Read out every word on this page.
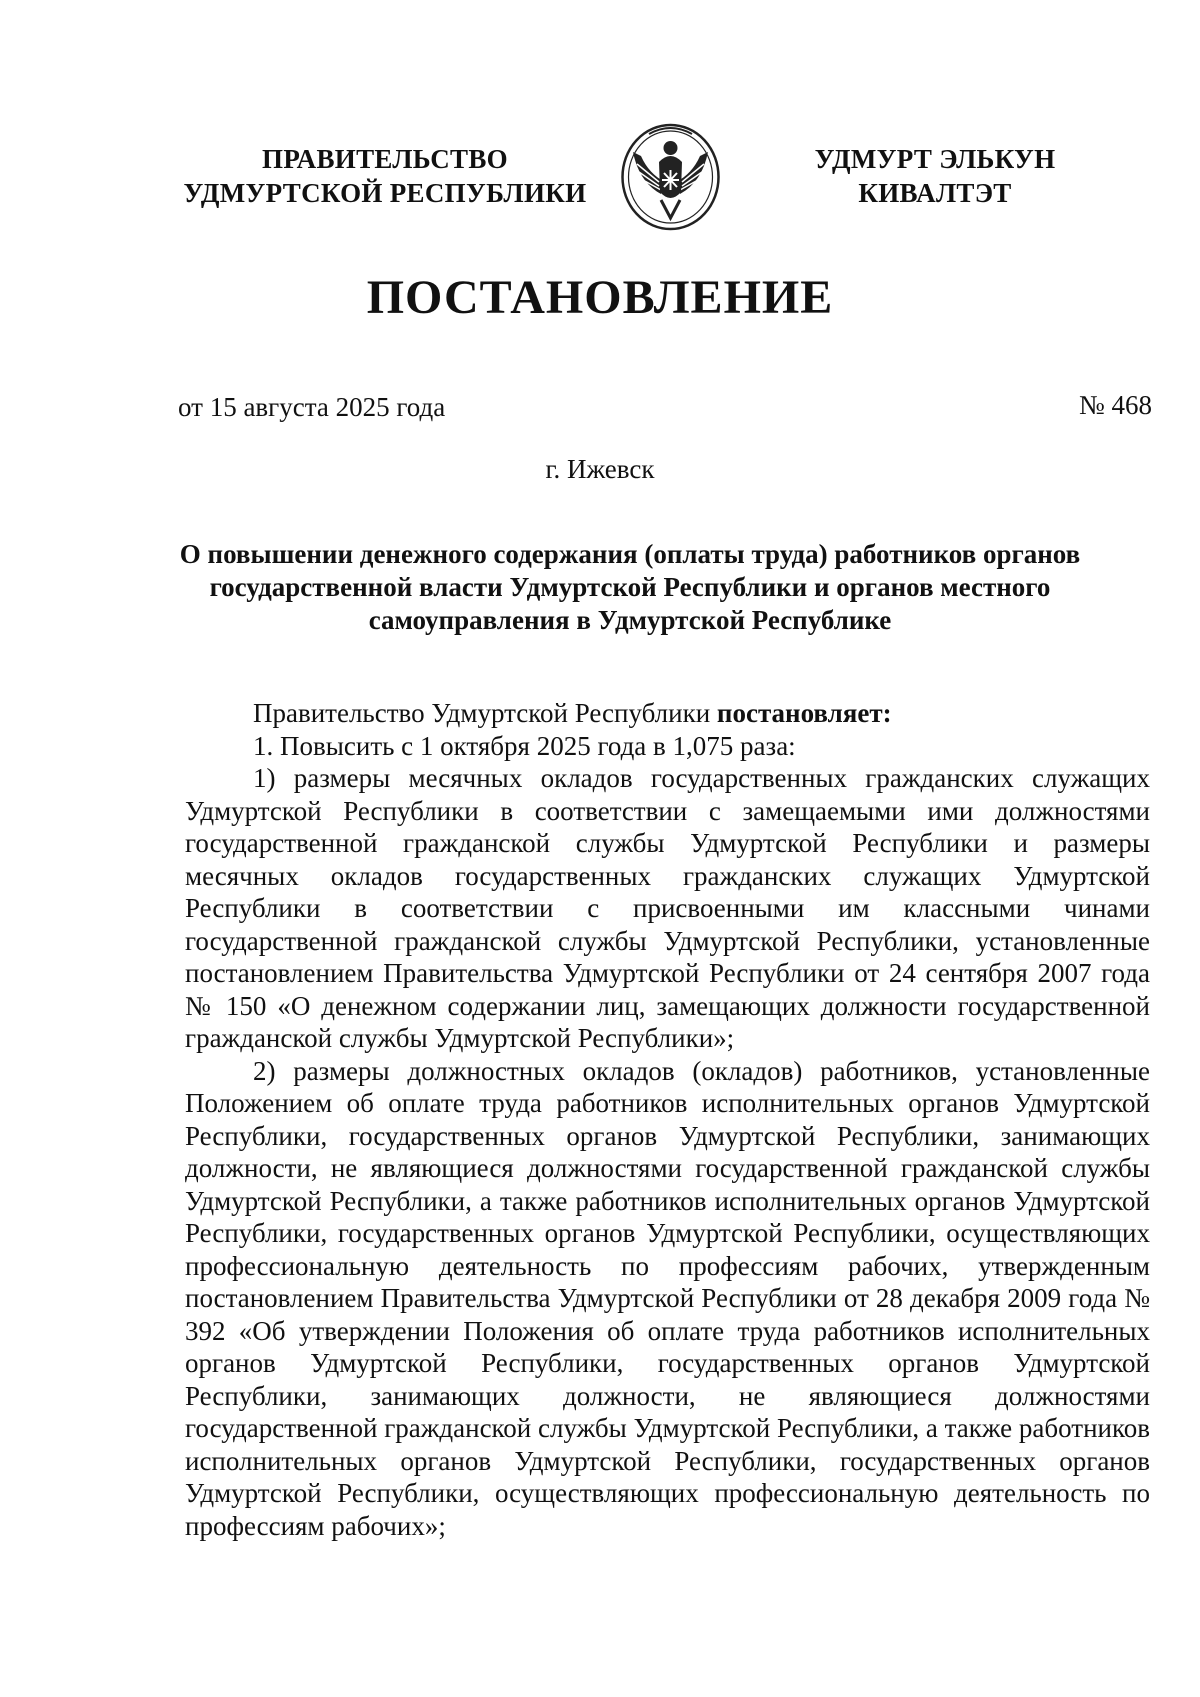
ПРАВИТЕЛЬСТВО
УДМУРТСКОЙ РЕСПУБЛИКИ
УДМУРТ ЭЛЬКУН
КИВАЛТЭТ
ПОСТАНОВЛЕНИЕ
от 15 августа 2025 года	№ 468
г. Ижевск
О повышении денежного содержания (оплаты труда) работников органов
государственной власти Удмуртской Республики и органов местного
самоуправления в Удмуртской Республике

Правительство Удмуртской Республики постановляет:

1. Повысить с 1 октября 2025 года в 1,075 раза:

1) размеры месячных окладов государственных гражданских служащих Удмуртской Республики в соответствии с замещаемыми ими должностями государственной гражданской службы Удмуртской Республики и размеры месячных окладов государственных гражданских служащих Удмуртской Республики в соответствии с присвоенными им классными чинами государственной гражданской службы Удмуртской Республики, установленные постановлением Правительства Удмуртской Республики от 24 сентября 2007 года № 150 «О денежном содержании лиц, замещающих должности государственной гражданской службы Удмуртской Республики»;

2) размеры должностных окладов (окладов) работников, установленные Положением об оплате труда работников исполнительных органов Удмуртской Республики, государственных органов Удмуртской Республики, занимающих должности, не являющиеся должностями государственной гражданской службы Удмуртской Республики, а также работников исполнительных органов Удмуртской Республики, государственных органов Удмуртской Республики, осуществляющих профессиональную деятельность по профессиям рабочих, утвержденным постановлением Правительства Удмуртской Республики от 28 декабря 2009 года № 392 «Об утверждении Положения об оплате труда работников исполнительных органов Удмуртской Республики, государственных органов Удмуртской Республики, занимающих должности, не являющиеся должностями государственной гражданской службы Удмуртской Республики, а также работников исполнительных органов Удмуртской Республики, государственных органов Удмуртской Республики, осуществляющих профессиональную деятельность по профессиям рабочих»;
